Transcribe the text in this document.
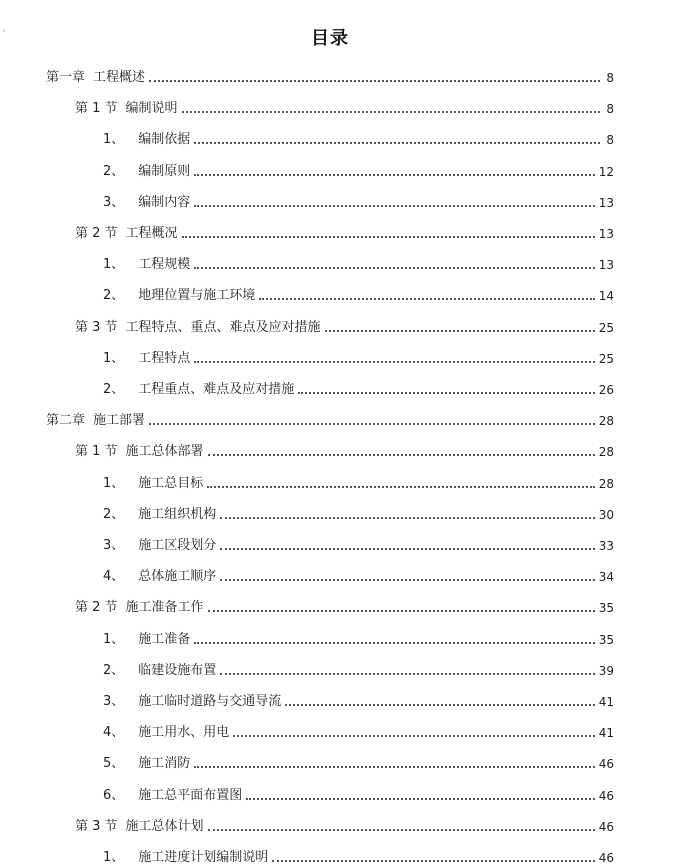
˅	目录
第一章 工程概述	8
第 1 节 编制说明	8
1、 编制依据	8
2、 编制原则	12
3、 编制内容	13
第 2 节 工程概况	13
1、 工程规模	13
2、 地理位置与施工环境	14
第 3 节 工程特点、重点、难点及应对措施	25
1、 工程特点	25
2、 工程重点、难点及应对措施	26
第二章 施工部署	28
第 1 节 施工总体部署	28
1、 施工总目标	28
2、 施工组织机构	30
3、 施工区段划分	33
4、 总体施工顺序	34
第 2 节 施工准备工作	35
1、 施工准备	35
2、 临建设施布置	39
3、 施工临时道路与交通导流	41
4、 施工用水、用电	41
5、 施工消防	46
6、 施工总平面布置图	46
第 3 节 施工总体计划	46
1、 施工进度计划编制说明	46
